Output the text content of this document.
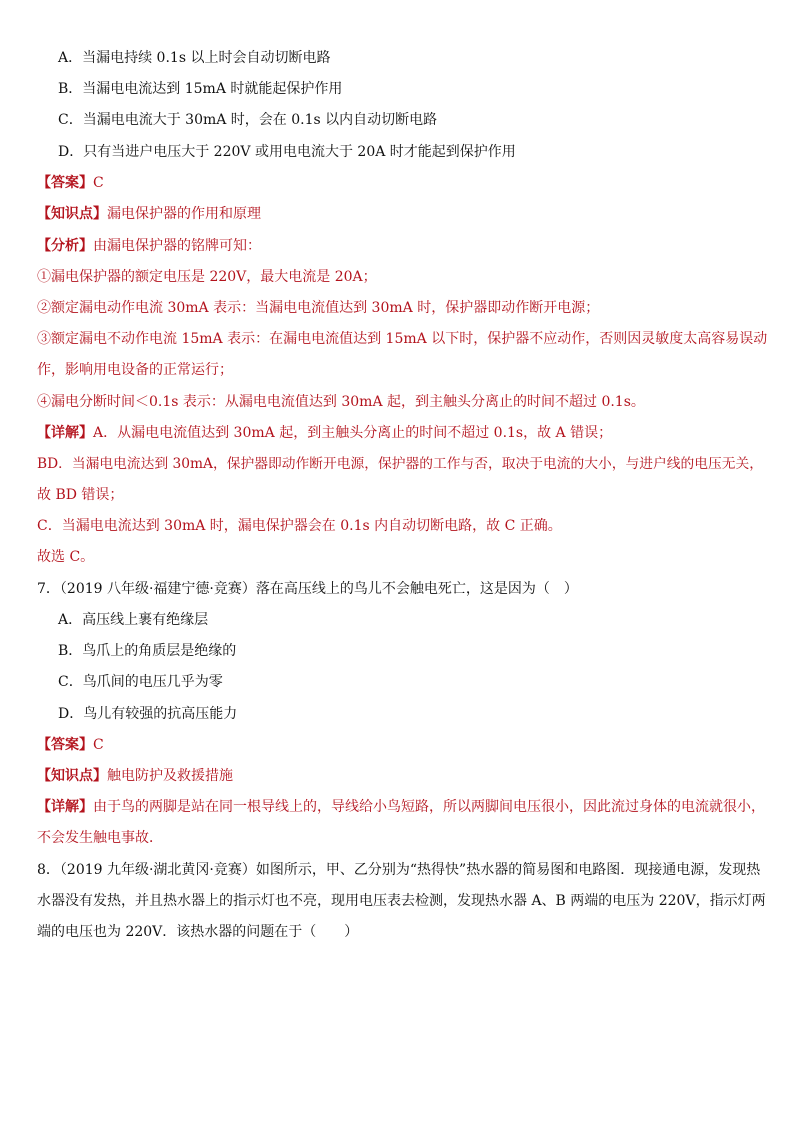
A．当漏电持续 0.1s 以上时会自动切断电路
B．当漏电电流达到 15mA 时就能起保护作用
C．当漏电电流大于 30mA 时，会在 0.1s 以内自动切断电路
D．只有当进户电压大于 220V 或用电电流大于 20A 时才能起到保护作用
【答案】C
【知识点】漏电保护器的作用和原理
【分析】由漏电保护器的铭牌可知：
①漏电保护器的额定电压是 220V，最大电流是 20A；
②额定漏电动作电流 30mA 表示：当漏电电流值达到 30mA 时，保护器即动作断开电源；
③额定漏电不动作电流 15mA 表示：在漏电电流值达到 15mA 以下时，保护器不应动作，否则因灵敏度太高容易误动
作，影响用电设备的正常运行；
④漏电分断时间＜0.1s 表示：从漏电电流值达到 30mA 起，到主触头分离止的时间不超过 0.1s。
【详解】A．从漏电电流值达到 30mA 起，到主触头分离止的时间不超过 0.1s，故 A 错误；
BD．当漏电电流达到 30mA，保护器即动作断开电源，保护器的工作与否，取决于电流的大小，与进户线的电压无关，
故 BD 错误；
C．当漏电电流达到 30mA 时，漏电保护器会在 0.1s 内自动切断电路，故 C 正确。
故选 C。
7．（2019 八年级·福建宁德·竞赛）落在高压线上的鸟儿不会触电死亡，这是因为（　）
A．高压线上裹有绝缘层
B．鸟爪上的角质层是绝缘的
C．鸟爪间的电压几乎为零
D．鸟儿有较强的抗高压能力
【答案】C
【知识点】触电防护及救援措施
【详解】由于鸟的两脚是站在同一根导线上的，导线给小鸟短路，所以两脚间电压很小，因此流过身体的电流就很小，
不会发生触电事故．
8．（2019 九年级·湖北黄冈·竞赛）如图所示，甲、乙分别为“热得快”热水器的简易图和电路图．现接通电源，发现热
水器没有发热，并且热水器上的指示灯也不亮，现用电压表去检测，发现热水器 A、B 两端的电压为 220V，指示灯两
端的电压也为 220V．该热水器的问题在于（　　）
